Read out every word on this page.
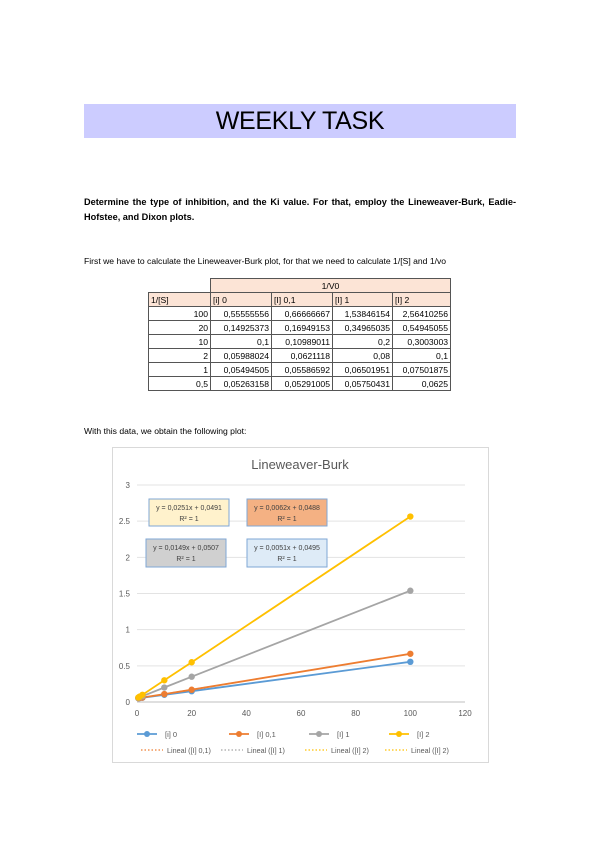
WEEKLY TASK
Determine the type of inhibition, and the Ki value. For that, employ the Lineweaver-Burk, Eadie-Hofstee, and Dixon plots.
First we have to calculate the Lineweaver-Burk plot, for that we need to calculate 1/[S] and 1/vo
	1/V0			
1/[S]	[i] 0	[I] 0,1	[I] 1	[I] 2
100	0,55555556	0,66666667	1,53846154	2,56410256
20	0,14925373	0,16949153	0,34965035	0,54945055
10	0,1	0,10989011	0,2	0,3003003
2	0,05988024	0,0621118	0,08	0,1
1	0,05494505	0,05586592	0,06501951	0,07501875
0,5	0,05263158	0,05291005	0,05750431	0,0625
With this data, we obtain the following plot:
Lineweaver-Burk
0
0.5
1
1.5
2
2.5
3
0	20	40	60	80	100	120
y = 0,0251x + 0,0491
R² = 1
y = 0,0062x + 0,0488
R² = 1
y = 0,0149x + 0,0507
R² = 1
y = 0,0051x + 0,0495
R² = 1
[i] 0	[I] 0,1	[I] 1	[I] 2
Lineal ([I] 0,1)	Lineal ([I] 1)	Lineal ([I] 2)	Lineal ([I] 2)
